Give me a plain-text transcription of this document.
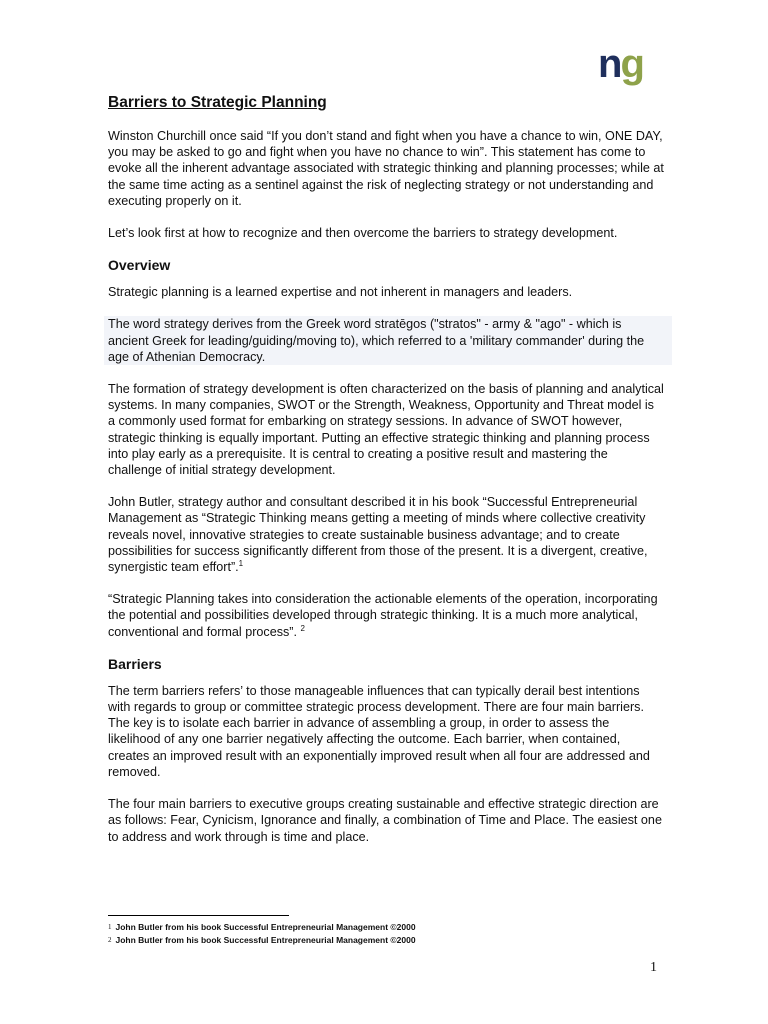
ng
Barriers to Strategic Planning

Winston Churchill once said “If you don’t stand and fight when you have a chance to win, ONE DAY, you may be asked to go and fight when you have no chance to win”. This statement has come to evoke all the inherent advantage associated with strategic thinking and planning processes; while at the same time acting as a sentinel against the risk of neglecting strategy or not understanding and executing properly on it.

Let’s look first at how to recognize and then overcome the barriers to strategy development.

Overview

Strategic planning is a learned expertise and not inherent in managers and leaders.

The word strategy derives from the Greek word stratēgos ("stratos" - army & "ago" - which is ancient Greek for leading/guiding/moving to), which referred to a 'military commander' during the age of Athenian Democracy.

The formation of strategy development is often characterized on the basis of planning and analytical systems. In many companies, SWOT or the Strength, Weakness, Opportunity and Threat model is a commonly used format for embarking on strategy sessions. In advance of SWOT however, strategic thinking is equally important. Putting an effective strategic thinking and planning process into play early as a prerequisite. It is central to creating a positive result and mastering the challenge of initial strategy development.

John Butler, strategy author and consultant described it in his book “Successful Entrepreneurial Management as “Strategic Thinking means getting a meeting of minds where collective creativity reveals novel, innovative strategies to create sustainable business advantage; and to create possibilities for success significantly different from those of the present. It is a divergent, creative, synergistic team effort”.$^1$

“Strategic Planning takes into consideration the actionable elements of the operation, incorporating the potential and possibilities developed through strategic thinking. It is a much more analytical, conventional and formal process”. $^2$

Barriers

The term barriers refers’ to those manageable influences that can typically derail best intentions with regards to group or committee strategic process development. There are four main barriers. The key is to isolate each barrier in advance of assembling a group, in order to assess the likelihood of any one barrier negatively affecting the outcome. Each barrier, when contained, creates an improved result with an exponentially improved result when all four are addressed and removed.

The four main barriers to executive groups creating sustainable and effective strategic direction are as follows: Fear, Cynicism, Ignorance and finally, a combination of Time and Place. The easiest one to address and work through is time and place.

$^1$ John Butler from his book Successful Entrepreneurial Management ©2000
$^2$ John Butler from his book Successful Entrepreneurial Management ©2000
1
